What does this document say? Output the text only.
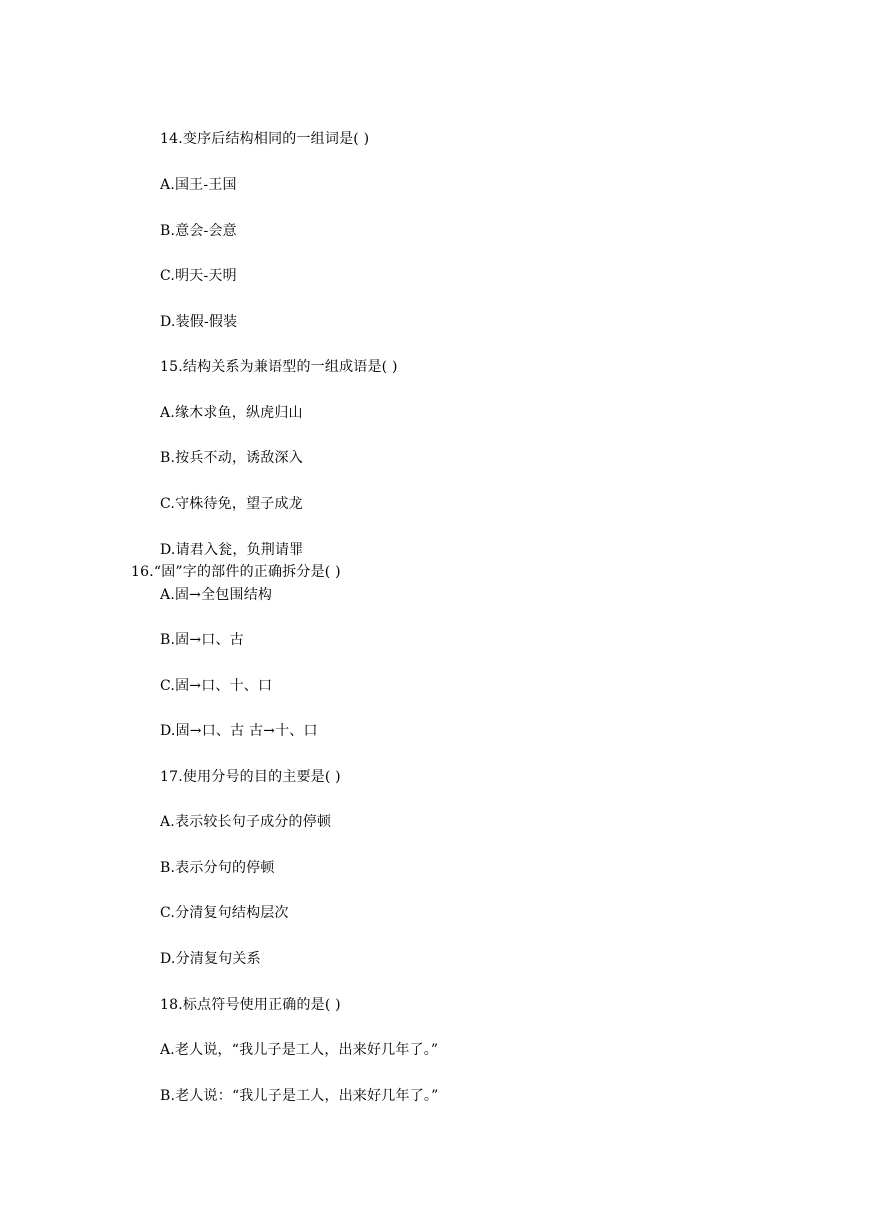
14.变序后结构相同的一组词是( )
A.国王-王国
B.意会-会意
C.明天-天明
D.装假-假装
15.结构关系为兼语型的一组成语是( )
A.缘木求鱼，纵虎归山
B.按兵不动，诱敌深入
C.守株待免，望子成龙
D.请君入瓮，负荆请罪
16.“固”字的部件的正确拆分是( )
A.固→全包围结构
B.固→口、古
C.固→口、十、口
D.固→口、古 古→十、口
17.使用分号的目的主要是( )
A.表示较长句子成分的停顿
B.表示分句的停顿
C.分清复句结构层次
D.分清复句关系
18.标点符号使用正确的是( )
A.老人说，“我儿子是工人，出来好几年了。”
B.老人说：“我儿子是工人，出来好几年了。”
